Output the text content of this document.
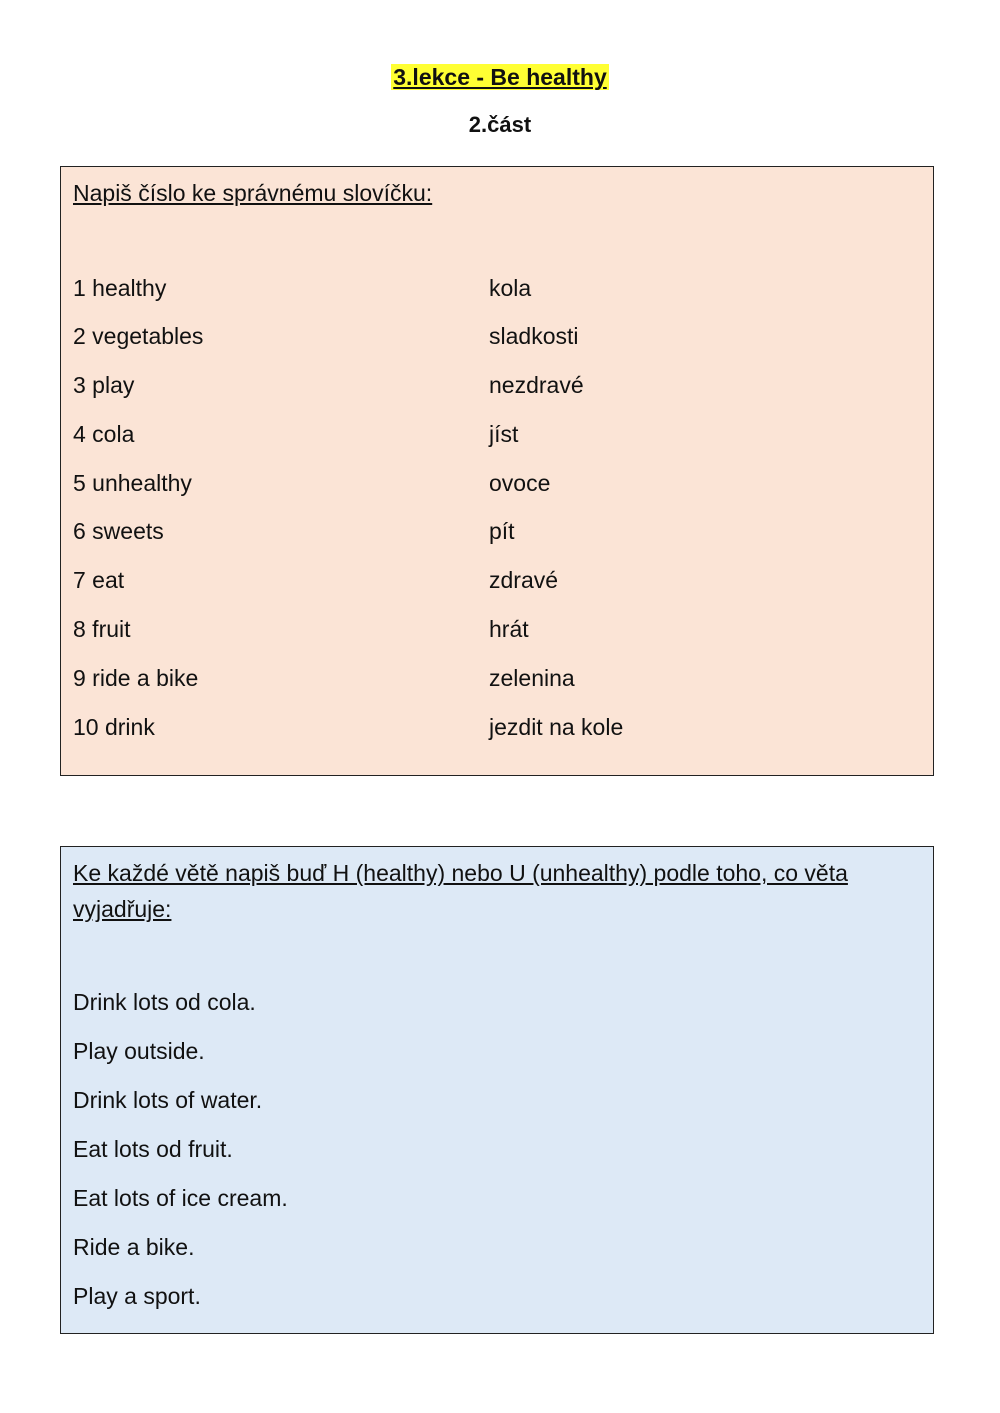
3.lekce - Be healthy
2.část
Napiš číslo ke správnému slovíčku:
1 healthy	kola
2 vegetables	sladkosti
3 play	nezdravé
4 cola	jíst
5 unhealthy	ovoce
6 sweets	pít
7 eat	zdravé
8 fruit	hrát
9 ride a bike	zelenina
10 drink	jezdit na kole
Ke každé větě napiš buď H (healthy) nebo U (unhealthy) podle toho, co věta vyjadřuje:
Drink lots od cola.
Play outside.
Drink lots of water.
Eat lots od fruit.
Eat lots of ice cream.
Ride a bike.
Play a sport.
